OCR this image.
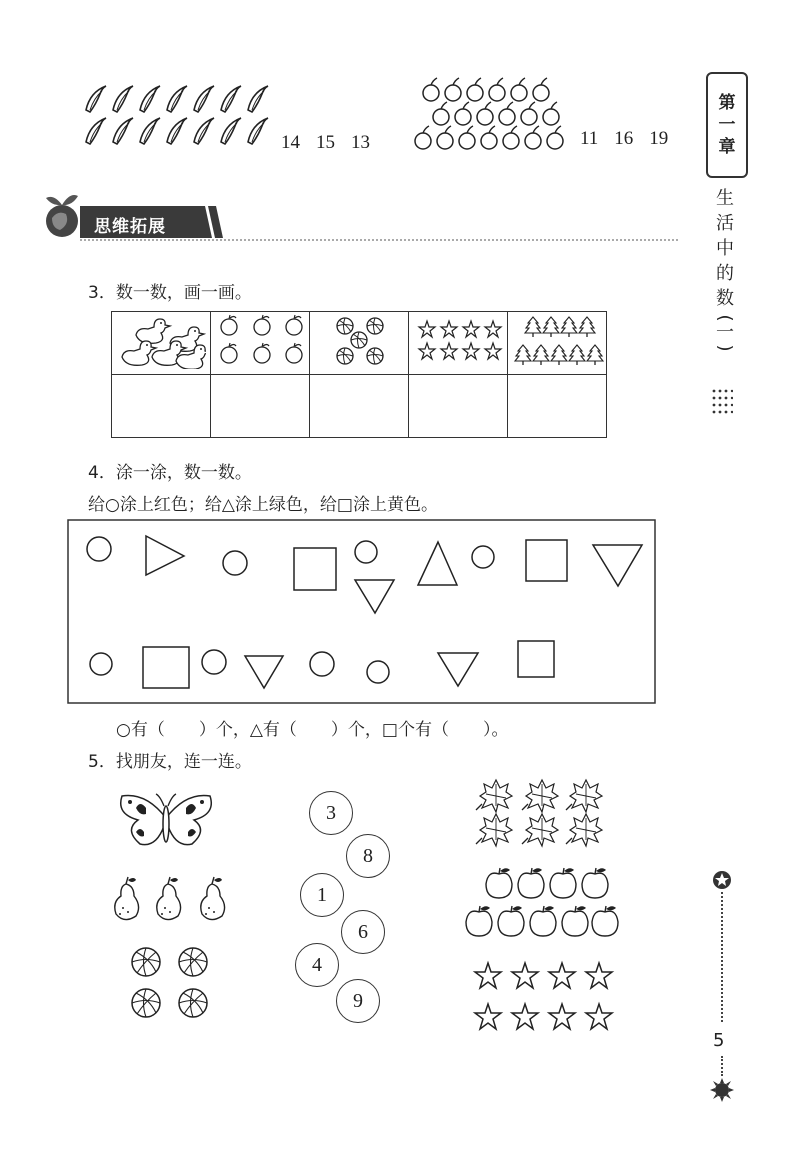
14 15 13	11 16 19
思维拓展
3．数一数，画一画。

4．涂一涂，数一数。
给○涂上红色；给△涂上绿色，给□涂上黄色。
○有（　　）个，△有（　　）个，□个有（　　）。
5．找朋友，连一连。
3
8
1
6
4
9
第
一
章
生
活
中
的
数
(
一
)
5
